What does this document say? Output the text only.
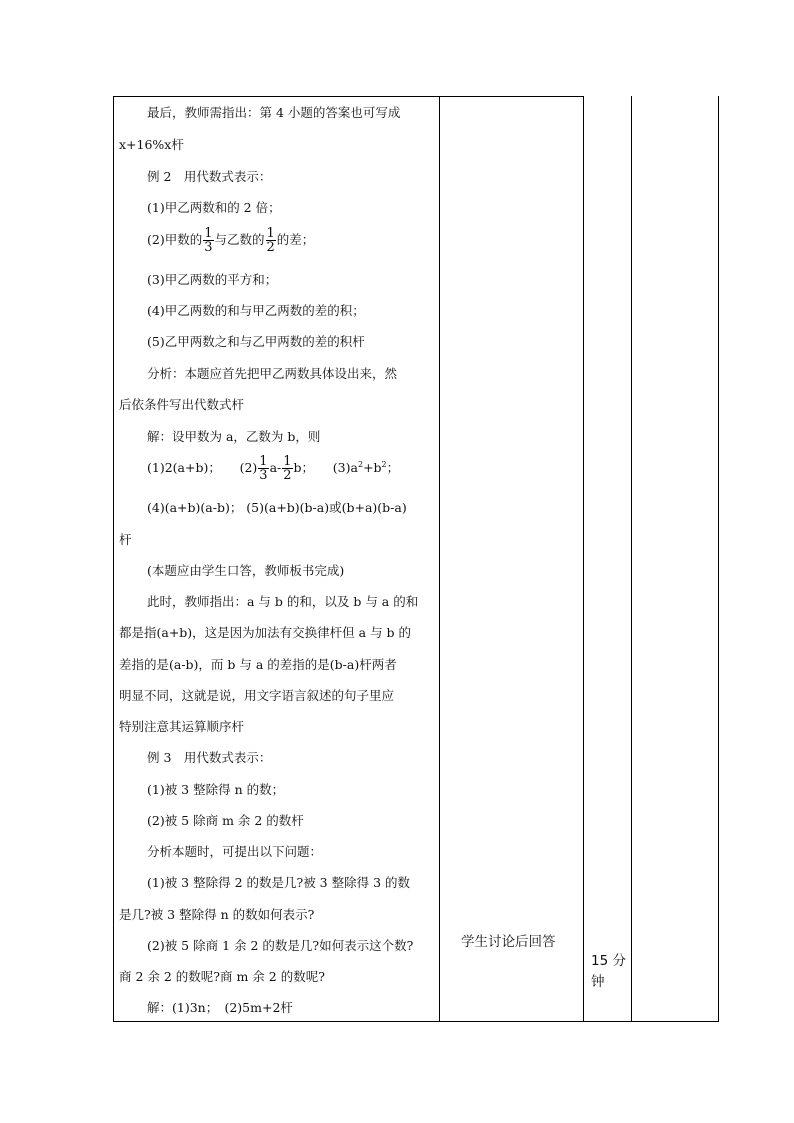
最后，教师需指出：第 4 小题的答案也可写成
x+16%x杆
例 2　用代数式表示：
(1)甲乙两数和的 2 倍；
(2)甲数的 $\frac{1}{3}$ 与乙数的 $\frac{1}{2}$ 的差；
(3)甲乙两数的平方和；
(4)甲乙两数的和与甲乙两数的差的积；
(5)乙甲两数之和与乙甲两数的差的积杆
分析：本题应首先把甲乙两数具体设出来，然
后依条件写出代数式杆
解：设甲数为 a，乙数为 b，则
(1)2(a+b)；　　$(2) \frac{1}{3} a- \frac{1}{2}$ b；　　$(3)a^2+b^2$；
(4)(a+b)(a-b)； (5)(a+b)(b-a)或(b+a)(b-a)
杆
(本题应由学生口答，教师板书完成)
此时，教师指出：a 与 b 的和，以及 b 与 a 的和
都是指(a+b)，这是因为加法有交换律杆但 a 与 b 的
差指的是(a-b)，而 b 与 a 的差指的是(b-a)杆两者
明显不同，这就是说，用文字语言叙述的句子里应
特别注意其运算顺序杆
例 3　用代数式表示：
(1)被 3 整除得 n 的数；
(2)被 5 除商 m 余 2 的数杆
分析本题时，可提出以下问题：
(1)被 3 整除得 2 的数是几?被 3 整除得 3 的数
是几?被 3 整除得 n 的数如何表示?
(2)被 5 除商 1 余 2 的数是几?如何表示这个数?
商 2 余 2 的数呢?商 m 余 2 的数呢?
解：(1)3n；　(2)5m+2杆
学生讨论后回答
15 分钟
